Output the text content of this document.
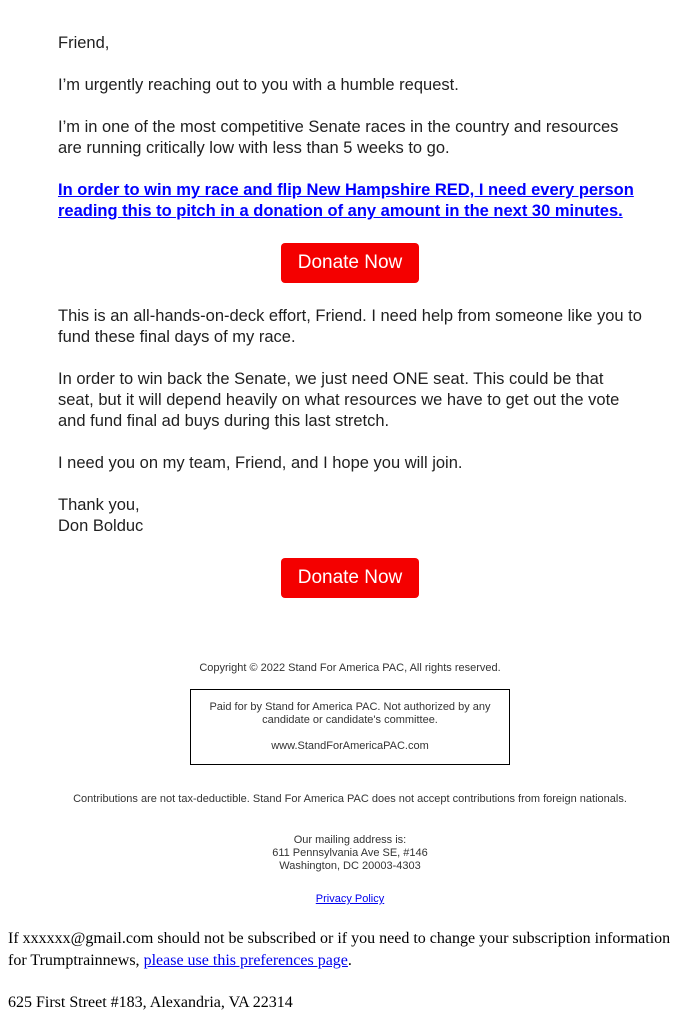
Friend,

I’m urgently reaching out to you with a humble request.

I’m in one of the most competitive Senate races in the country and resources are running critically low with less than 5 weeks to go.

In order to win my race and flip New Hampshire RED, I need every person reading this to pitch in a donation of any amount in the next 30 minutes.

Donate Now

This is an all-hands-on-deck effort, Friend. I need help from someone like you to fund these final days of my race.

In order to win back the Senate, we just need ONE seat. This could be that seat, but it will depend heavily on what resources we have to get out the vote and fund final ad buys during this last stretch.

I need you on my team, Friend, and I hope you will join.

Thank you,
Don Bolduc

Donate Now

Copyright © 2022 Stand For America PAC, All rights reserved.

Paid for by Stand for America PAC. Not authorized by any candidate or candidate's committee.

www.StandForAmericaPAC.com

Contributions are not tax-deductible. Stand For America PAC does not accept contributions from foreign nationals.

Our mailing address is:
611 Pennsylvania Ave SE, #146
Washington, DC 20003-4303

Privacy Policy

If xxxxxx@gmail.com should not be subscribed or if you need to change your subscription information for Trumptrainnews, please use this preferences page.

625 First Street #183, Alexandria, VA 22314
